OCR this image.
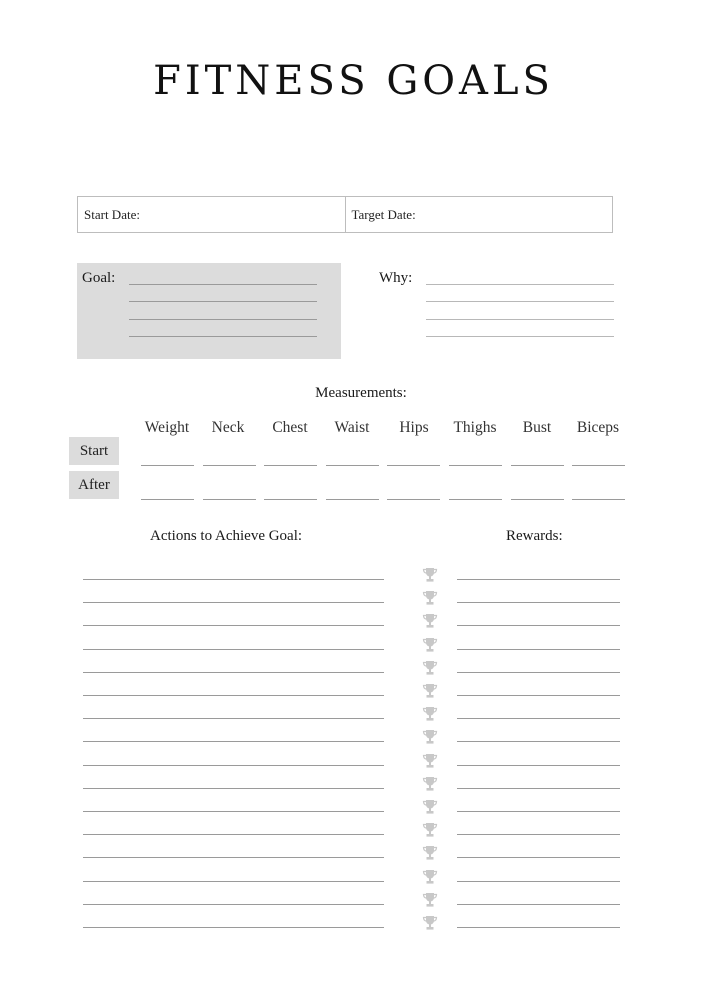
FITNESS GOALS
Start Date:	Target Date:
Goal:	Why:
Measurements:
Weight	Neck	Chest	Waist	Hips	Thighs	Bust	Biceps
Start
After
Actions to Achieve Goal:	Rewards:
